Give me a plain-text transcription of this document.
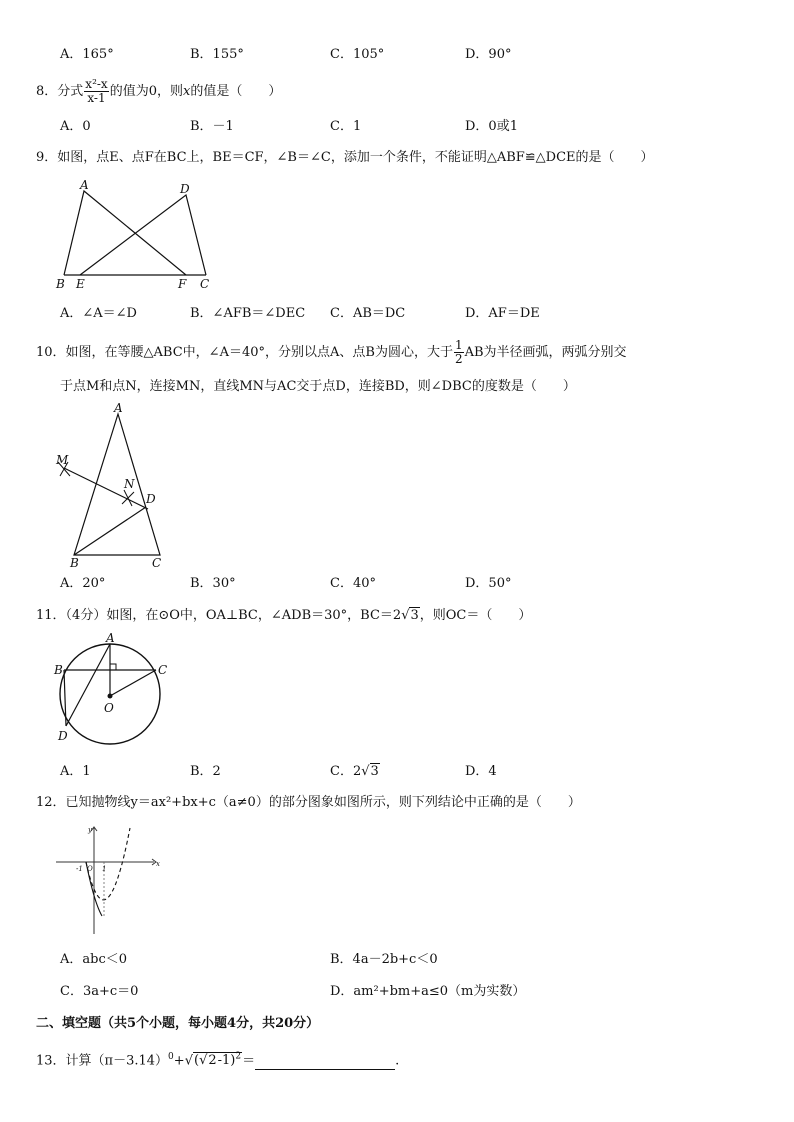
A．165°	B．155°	C．105°	D．90°
8．分式 $\frac{\text{x²-x}}{x-1}$ 的值为0，则x的值是（　　）
A．0	B．－1	C．1	D．0或1
9．如图，点E、点F在BC上，BE＝CF，∠B＝∠C，添加一个条件，不能证明△ABF≌△DCE的是（　　）
A	D
B E	F C
A．∠A＝∠D	B．∠AFB＝∠DEC C．AB＝DC	D．AF＝DE
10．如图，在等腰△ABC中，∠A＝40°，分别以点A、点B为圆心，大于 $\frac{1}{2}$ AB为半径画弧，两弧分别交
于点M和点N，连接MN，直线MN与AC交于点D，连接BD，则∠DBC的度数是（　　）
A
M
N
D
B	C
A．20°	B．30°	C．40°	D．50°
11．（4分）如图，在⊙O中，OA⊥BC，∠ADB＝30°，BC＝2√3，则OC＝（　　）
A
B	C
O
D
A．1	B．2	C．2√3	D．4
12．已知抛物线y＝ax²+bx+c（a≠0）的部分图象如图所示，则下列结论中正确的是（　　）
y
x
O 1
-1
A．abc＜0	B．4a－2b+c＜0
C．3a+c＝0	D．am²+bm+a≤0（m为实数）
二、填空题（共5个小题，每小题4分，共20分）
13．计算$(\pi-3.14)^0+√(√2-1)^2=$	.
